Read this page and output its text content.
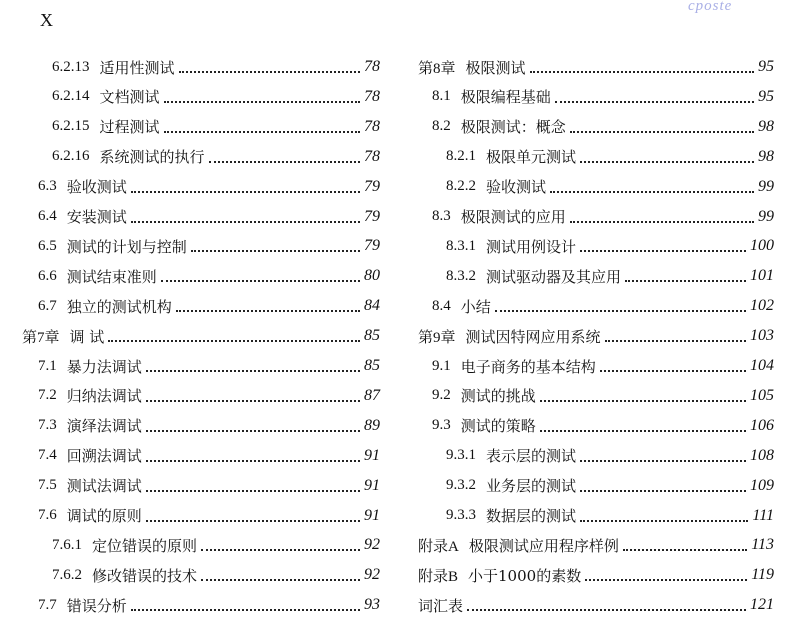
X
cposte
6.2.13 适用性测试	78
6.2.14 文档测试	78
6.2.15 过程测试	78
6.2.16 系统测试的执行	78
6.3 验收测试	79
6.4 安装测试	79
6.5 测试的计划与控制	79
6.6 测试结束准则	80
6.7 独立的测试机构	84
第7章 调 试	85
7.1 暴力法调试	85
7.2 归纳法调试	87
7.3 演绎法调试	89
7.4 回溯法调试	91
7.5 测试法调试	91
7.6 调试的原则	91
7.6.1 定位错误的原则	92
7.6.2 修改错误的技术	92
7.7 错误分析	93
第8章 极限测试	95
8.1 极限编程基础	95
8.2 极限测试：概念	98
8.2.1 极限单元测试	98
8.2.2 验收测试	99
8.3 极限测试的应用	99
8.3.1 测试用例设计	100
8.3.2 测试驱动器及其应用	101
8.4 小结	102
第9章 测试因特网应用系统	103
9.1 电子商务的基本结构	104
9.2 测试的挑战	105
9.3 测试的策略	106
9.3.1 表示层的测试	108
9.3.2 业务层的测试	109
9.3.3 数据层的测试	111
附录A 极限测试应用程序样例	113
附录B 小于1000的素数	119
词汇表	121
